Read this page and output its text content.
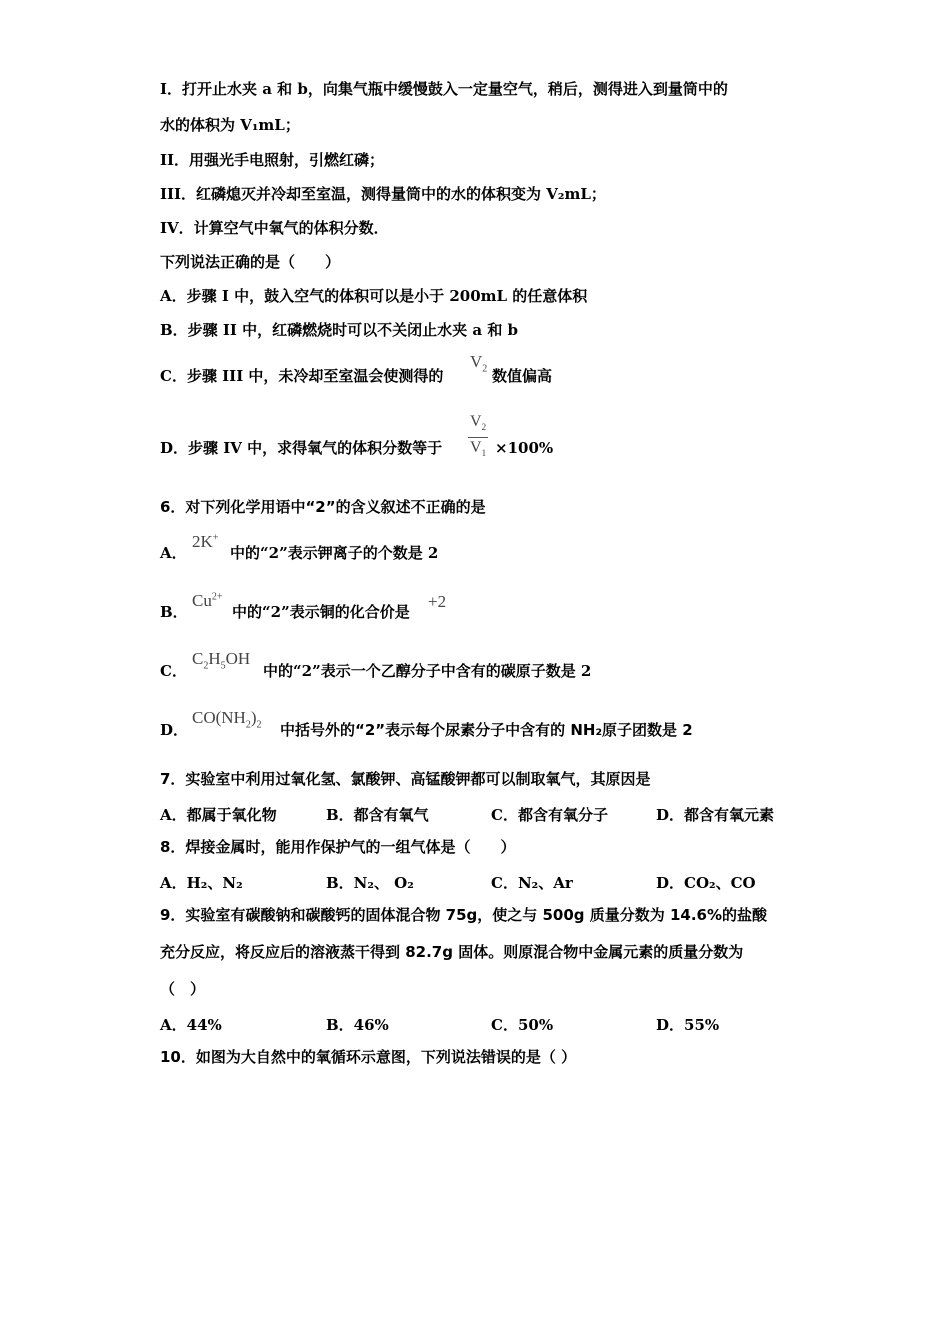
I．打开止水夹 a 和 b，向集气瓶中缓慢鼓入一定量空气，稍后，测得进入到量筒中的
水的体积为 V₁mL；
II．用强光手电照射，引燃红磷；
III．红磷熄灭并冷却至室温，测得量筒中的水的体积变为 V₂mL；
IV．计算空气中氧气的体积分数．
下列说法正确的是（　　）
A．步骤 I 中，鼓入空气的体积可以是小于 200mL 的任意体积
B．步骤 II 中，红磷燃烧时可以不关闭止水夹 a 和 b
C．步骤 III 中，未冷却至室温会使测得的
$V_2$ 数值偏高
D．步骤 IV 中，求得氧气的体积分数等于 $\frac{V_2}{V_1} \times 100\%$
6．对下列化学用语中“2”的含义叙述不正确的是
A．
2K+
中的“2”表示钾离子的个数是 2
B．
$Cu^{2+}$
中的“2”表示铜的化合价是
+2
C．
$C_2H_5OH$
中的“2”表示一个乙醇分子中含有的碳原子数是 2
D．
$CO(NH_2)_2$ 中括号外的“2”表示每个尿素分子中含有的 NH₂原子团数是 2
7．实验室中利用过氧化氢、氯酸钾、高锰酸钾都可以制取氧气，其原因是
A．都属于氧化物	B．都含有氧气	C．都含有氧分子	D．都含有氧元素
8．焊接金属时，能用作保护气的一组气体是（　　）
A．H₂、N₂	B．N₂、 O₂	C．N₂、Ar	D．CO₂、CO
9．实验室有碳酸钠和碳酸钙的固体混合物 75g，使之与 500g 质量分数为 14.6%的盐酸
充分反应，将反应后的溶液蒸干得到 82.7g 固体。则原混合物中金属元素的质量分数为
（　）
A．44%	B．46%	C．50%	D．55%
10．如图为大自然中的氧循环示意图，下列说法错误的是（ ）
